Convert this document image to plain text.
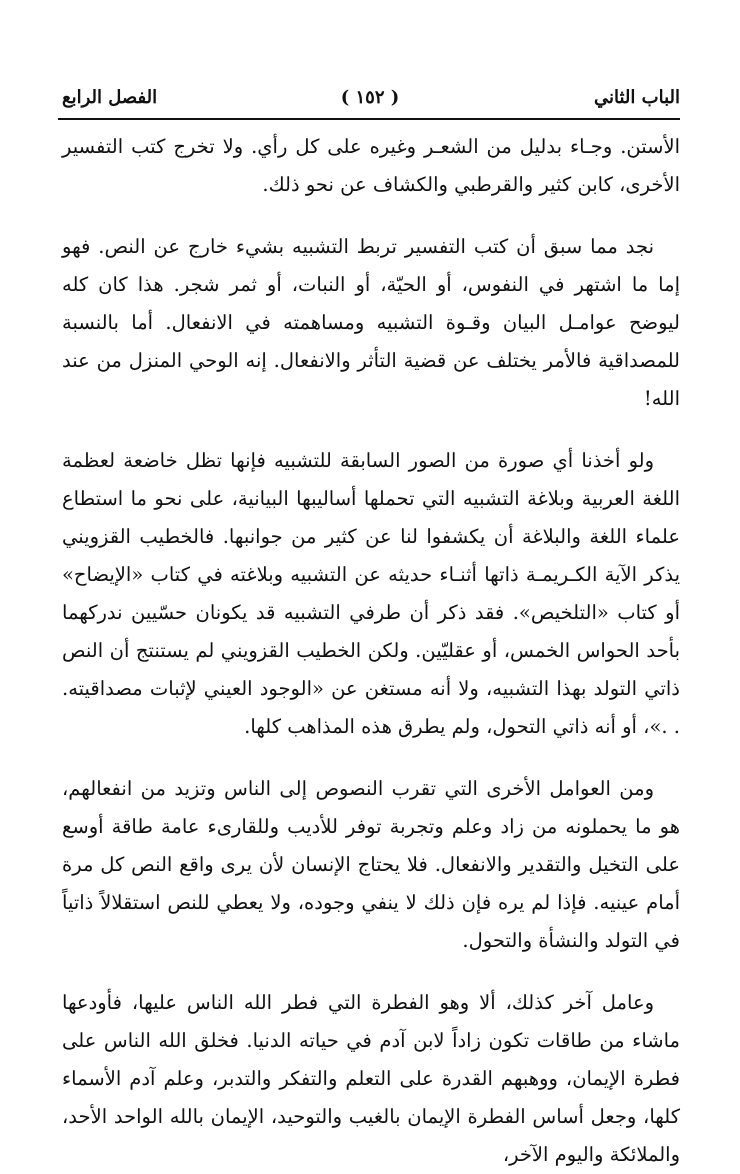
الباب الثاني
( ١٥٢ )
الفصل الرابع

الأستن. وجـاء بدليل من الشعـر وغيره على كل رأي. ولا تخرج كتب التفسير الأخرى، كابن كثير والقرطبي والكشاف عن نحو ذلك.

نجد مما سبق أن كتب التفسير تربط التشبيه بشيء خارج عن النص. فهو إما ما اشتهر في النفوس، أو الحيّة، أو النبات، أو ثمر شجر. هذا كان كله ليوضح عوامـل البيان وقـوة التشبيه ومساهمته في الانفعال. أما بالنسبة للمصداقية فالأمر يختلف عن قضية التأثر والانفعال. إنه الوحي المنزل من عند الله!

ولو أخذنا أي صورة من الصور السابقة للتشبيه فإنها تظل خاضعة لعظمة اللغة العربية وبلاغة التشبيه التي تحملها أساليبها البيانية، على نحو ما استطاع علماء اللغة والبلاغة أن يكشفوا لنا عن كثير من جوانبها. فالخطيب القزويني يذكر الآية الكـريمـة ذاتها أثنـاء حديثه عن التشبيه وبلاغته في كتاب «الإيضاح» أو كتاب «التلخيص». فقد ذكر أن طرفي التشبيه قد يكونان حسّيين ندركهما بأحد الحواس الخمس، أو عقليّين. ولكن الخطيب القزويني لم يستنتج أن النص ذاتي التولد بهذا التشبيه، ولا أنه مستغن عن «الوجود العيني لإثبات مصداقيته. . .»، أو أنه ذاتي التحول، ولم يطرق هذه المذاهب كلها.

ومن العوامل الأخرى التي تقرب النصوص إلى الناس وتزيد من انفعالهم، هو ما يحملونه من زاد وعلم وتجربة توفر للأديب وللقارىء عامة طاقة أوسع على التخيل والتقدير والانفعال. فلا يحتاج الإنسان لأن يرى واقع النص كل مرة أمام عينيه. فإذا لم يره فإن ذلك لا ينفي وجوده، ولا يعطي للنص استقلالاً ذاتياً في التولد والنشأة والتحول.

وعامل آخر كذلك، ألا وهو الفطرة التي فطر الله الناس عليها، فأودعها ماشاء من طاقات تكون زاداً لابن آدم في حياته الدنيا. فخلق الله الناس على فطرة الإيمان، ووهبهم القدرة على التعلم والتفكر والتدبر، وعلم آدم الأسماء كلها، وجعل أساس الفطرة الإيمان بالغيب والتوحيد، الإيمان بالله الواحد الأحد، والملائكة واليوم الآخر،
